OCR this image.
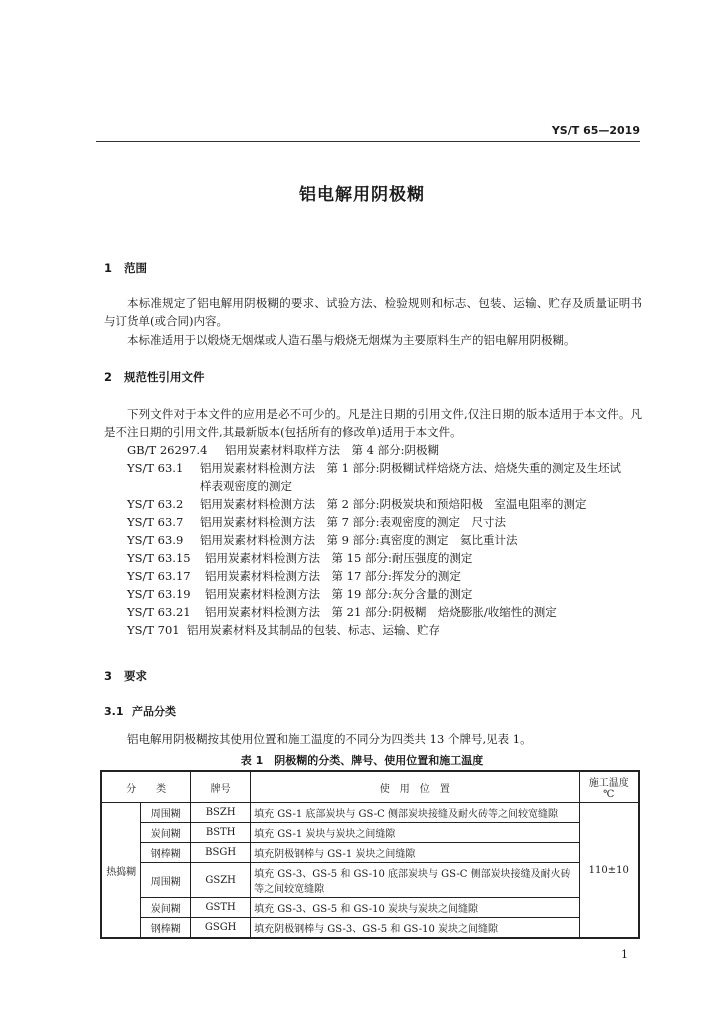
YS/T 65—2019
铝电解用阴极糊
1 范围
本标准规定了铝电解用阴极糊的要求、试验方法、检验规则和标志、包装、运输、贮存及质量证明书与订货单(或合同)内容。
本标准适用于以煅烧无烟煤或人造石墨与煅烧无烟煤为主要原料生产的铝电解用阴极糊。
2 规范性引用文件
下列文件对于本文件的应用是必不可少的。凡是注日期的引用文件,仅注日期的版本适用于本文件。凡是不注日期的引用文件,其最新版本(包括所有的修改单)适用于本文件。
GB/T 26297.4 铝用炭素材料取样方法　第 4 部分:阴极糊
YS/T 63.1 铝用炭素材料检测方法　第 1 部分:阴极糊试样焙烧方法、焙烧失重的测定及生坯试
样表观密度的测定
YS/T 63.2 铝用炭素材料检测方法　第 2 部分:阴极炭块和预焙阳极　室温电阻率的测定
YS/T 63.7 铝用炭素材料检测方法　第 7 部分:表观密度的测定　尺寸法
YS/T 63.9 铝用炭素材料检测方法　第 9 部分:真密度的测定　氦比重计法
YS/T 63.15 铝用炭素材料检测方法　第 15 部分:耐压强度的测定
YS/T 63.17 铝用炭素材料检测方法　第 17 部分:挥发分的测定
YS/T 63.19 铝用炭素材料检测方法　第 19 部分:灰分含量的测定
YS/T 63.21 铝用炭素材料检测方法　第 21 部分:阴极糊　焙烧膨胀/收缩性的测定
YS/T 701 铝用炭素材料及其制品的包装、标志、运输、贮存
3 要求
3.1 产品分类
铝电解用阴极糊按其使用位置和施工温度的不同分为四类共 13 个牌号,见表 1。
表 1　阴极糊的分类、牌号、使用位置和施工温度
分　　类		牌号	使　用　位　置	施工温度
℃

热捣糊	周围糊	BSZH	填充 GS-1 底部炭块与 GS-C 侧部炭块接缝及耐火砖等之间较宽缝隙	110±10
	炭间糊	BSTH	填充 GS-1 炭块与炭块之间缝隙	
	钢棒糊	BSGH	填充阴极钢棒与 GS-1 炭块之间缝隙	
	周围糊	GSZH	填充 GS-3、GS-5 和 GS-10 底部炭块与 GS-C 侧部炭块接缝及耐火砖等之间较宽缝隙	
	炭间糊	GSTH	填充 GS-3、GS-5 和 GS-10 炭块与炭块之间缝隙	
	钢棒糊	GSGH	填充阴极钢棒与 GS-3、GS-5 和 GS-10 炭块之间缝隙	
1
